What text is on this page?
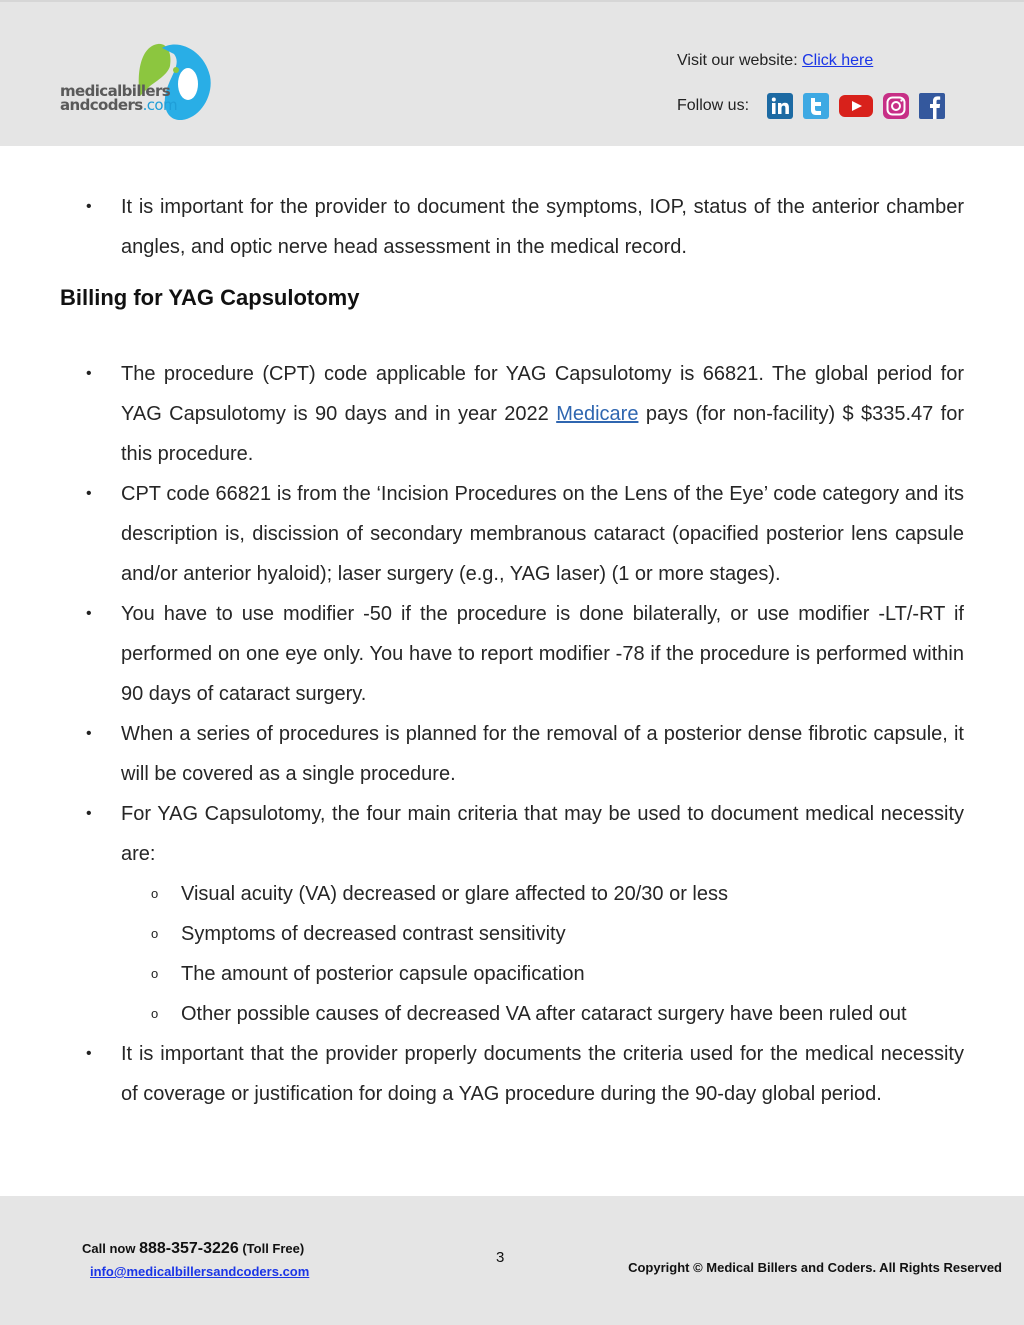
medicalbillers
andcoders.com
Visit our website: Click here
Follow us:
• It is important for the provider to document the symptoms, IOP, status of the anterior chamber angles, and optic nerve head assessment in the medical record.
Billing for YAG Capsulotomy
• The procedure (CPT) code applicable for YAG Capsulotomy is 66821. The global period for YAG Capsulotomy is 90 days and in year 2022 Medicare pays (for non-facility) $ $335.47 for this procedure.
• CPT code 66821 is from the ‘Incision Procedures on the Lens of the Eye’ code category and its description is, discission of secondary membranous cataract (opacified posterior lens capsule and/or anterior hyaloid); laser surgery (e.g., YAG laser) (1 or more stages).
• You have to use modifier -50 if the procedure is done bilaterally, or use modifier -LT/-RT if performed on one eye only. You have to report modifier -78 if the procedure is performed within 90 days of cataract surgery.
• When a series of procedures is planned for the removal of a posterior dense fibrotic capsule, it will be covered as a single procedure.
• For YAG Capsulotomy, the four main criteria that may be used to document medical necessity are:
o Visual acuity (VA) decreased or glare affected to 20/30 or less
o Symptoms of decreased contrast sensitivity
o The amount of posterior capsule opacification
o Other possible causes of decreased VA after cataract surgery have been ruled out
• It is important that the provider properly documents the criteria used for the medical necessity of coverage or justification for doing a YAG procedure during the 90-day global period.
Call now 888-357-3226 (Toll Free)
info@medicalbillersandcoders.com
3
Copyright © Medical Billers and Coders. All Rights Reserved
